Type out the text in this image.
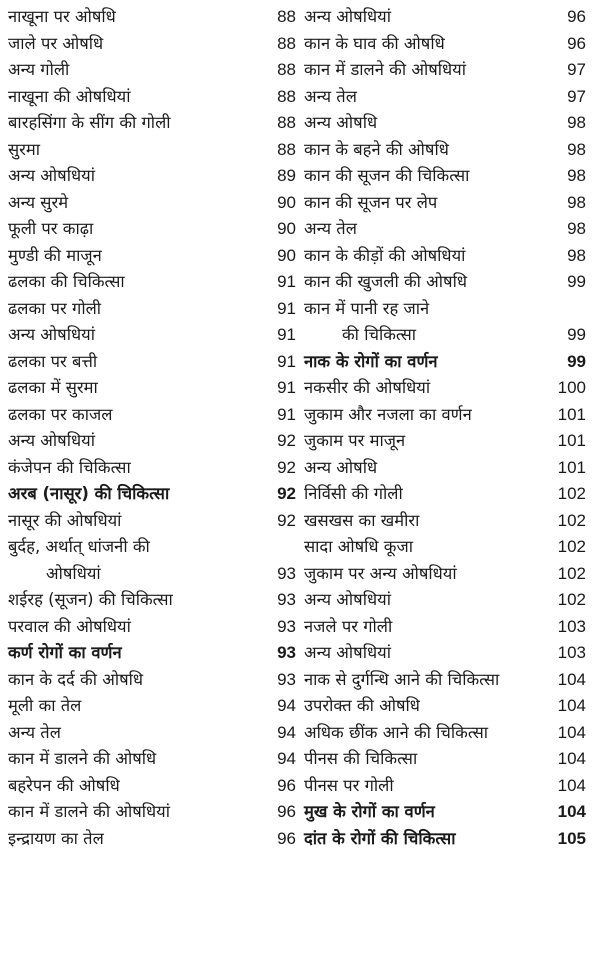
नाखूना पर ओषधि	88
जाले पर ओषधि	88
अन्य गोली	88
नाखूना की ओषधियां	88
बारहसिंगा के सींग की गोली	88
सुरमा	88
अन्य ओषधियां	89
अन्य सुरमे	90
फूली पर काढ़ा	90
मुण्डी की माजून	90
ढलका की चिकित्सा	91
ढलका पर गोली	91
अन्य ओषधियां	91
ढलका पर बत्ती	91
ढलका में सुरमा	91
ढलका पर काजल	91
अन्य ओषधियां	92
कंजेपन की चिकित्सा	92
अरब (नासूर) की चिकित्सा	92
नासूर की ओषधियां	92
बुर्दह, अर्थात् धांजनी की
ओषधियां	93
शईरह (सूजन) की चिकित्सा	93
परवाल की ओषधियां	93
कर्ण रोगों का वर्णन	93
कान के दर्द की ओषधि	93
मूली का तेल	94
अन्य तेल	94
कान में डालने की ओषधि	94
बहरेपन की ओषधि	96
कान में डालने की ओषधियां	96
इन्द्रायण का तेल	96
अन्य ओषधियां	96
कान के घाव की ओषधि	96
कान में डालने की ओषधियां	97
अन्य तेल	97
अन्य ओषधि	98
कान के बहने की ओषधि	98
कान की सूजन की चिकित्सा	98
कान की सूजन पर लेप	98
अन्य तेल	98
कान के कीड़ों की ओषधियां	98
कान की खुजली की ओषधि	99
कान में पानी रह जाने
की चिकित्सा	99
नाक के रोगों का वर्णन	99
नकसीर की ओषधियां	100
जुकाम और नजला का वर्णन	101
जुकाम पर माजून	101
अन्य ओषधि	101
निर्विसी की गोली	102
खसखस का खमीरा	102
सादा ओषधि कूजा	102
जुकाम पर अन्य ओषधियां	102
अन्य ओषधियां	102
नजले पर गोली	103
अन्य ओषधियां	103
नाक से दुर्गन्धि आने की चिकित्सा	104
उपरोक्त की ओषधि	104
अधिक छींक आने की चिकित्सा	104
पीनस की चिकित्सा	104
पीनस पर गोली	104
मुख के रोगों का वर्णन	104
दांत के रोगों की चिकित्सा	105
